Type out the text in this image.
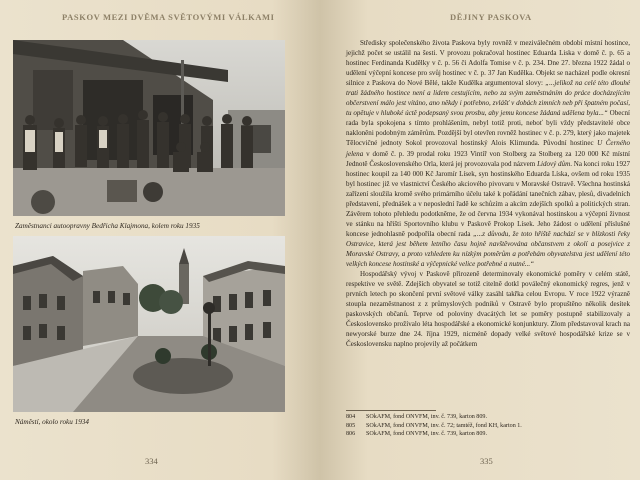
PASKOV MEZI DVĚMA SVĚTOVÝMI VÁLKAMI
Zaměstnanci autoopravny Bedřicha Klajmona, kolem roku 1935
Náměstí, okolo roku 1934
334
DĚJINY PASKOVA

Středisky společenského života Paskova byly rovněž v meziválečném období místní hostince, jejichž počet se ustálil na šesti. V provozu pokračoval hostinec Eduarda Liska v domě č. p. 65 a hostinec Ferdinanda Kudělky v č. p. 56 či Adolfa Tomise v č. p. 234. Dne 27. března 1922 žádal o udělení výčepní koncese pro svůj hostinec v č. p. 37 Jan Kudělka. Objekt se nacházel podle okresní silnice z Paskova do Nové Bělé, takže Kudělka argumentoval slovy: „...jelikož na celé této dlouhé trati žádného hostince není a lidem cestujícím, nebo za svým zaměstnáním do práce docházejícím občerstvení málo jest vítáno, ano někdy i potřebno, zvlášť v dobách zimních neb při špatném počasí, tu opětuje v hluboké úctě podepsaný svou prosbu, aby jemu koncese žádaná udělena byla...“ Obecní rada byla spokojena s tímto prohlášením, nebyl totiž proti, neboť byli vždy představitelé obce nakloněni podobným záměrům. Pozdější byl otevřen rovněž hostinec v č. p. 279, který jako majetek Tělocvičné jednoty Sokol provozoval hostinský Alois Klimunda. Původní hostinec U Černého jelena v domě č. p. 39 prodal roku 1923 Vintíř von Stolberg za Stolberg za 120 000 Kč místní Jednotě Československého Orla, která jej provozovala pod názvem Lidový dům. Na konci roku 1927 hostinec koupil za 140 000 Kč Jaromír Lísek, syn hostinského Eduarda Líska, ovšem od roku 1935 byl hostinec již ve vlastnictví Českého akciového pivovaru v Moravské Ostravě. Všechna hostinská zařízení sloužila kromě svého primárního účelu také k pořádání tanečních zábav, plesů, divadelních představení, přednášek a v neposlední řadě ke schůzím a akcím zdejších spolků a politických stran. Závěrem tohoto přehledu podotkněme, že od června 1934 vykonával hostinskou a výčepní živnost ve stánku na hřišti Sportovního klubu v Paskově Prokop Lísek. Jeho žádost o udělení příslušné koncese jednohlasně podpořila obecní rada „...z důvodu, že toto hřiště nachází se v blízkosti řeky Ostravice, která jest během letního času hojně navštěvována občanstvem z okolí a posejvice z Moravské Ostravy, a proto vzhledem ku nízkým poměrům a potřebám obyvatelstva jest udělení této velkých koncese hostinské a výčepnické velice potřebné a nutné...“

Hospodářský vývoj v Paskově přirozeně determinovaly ekonomické poměry v celém státě, respektive ve světě. Zdejších obyvatel se totiž citelně dotkl poválečný ekonomický regres, jenž v prvních letech po skončení první světové války zasáhl takřka celou Evropu. V roce 1922 výrazně stoupla nezaměstnanost z z průmyslových podniků v Ostravě bylo propuštěno několik desítek paskovských občanů. Teprve od poloviny dvacátých let se poměry postupně stabilizovaly a Československo prožívalo léta hospodářské a ekonomické konjunktury. Zlom představoval krach na newyorské burze dne 24. října 1929, nicméně dopady velké světové hospodářské krize se v Československu naplno projevily až počátkem

804	SOkAFM, fond ONVFM, inv. č. 739, karton 809.
805	SOkAFM, fond ONVFM, inv. č. 72; tamtéž, fond KH, karton 1.
806	SOkAFM, fond ONVFM, inv. č. 739, karton 809.
335
